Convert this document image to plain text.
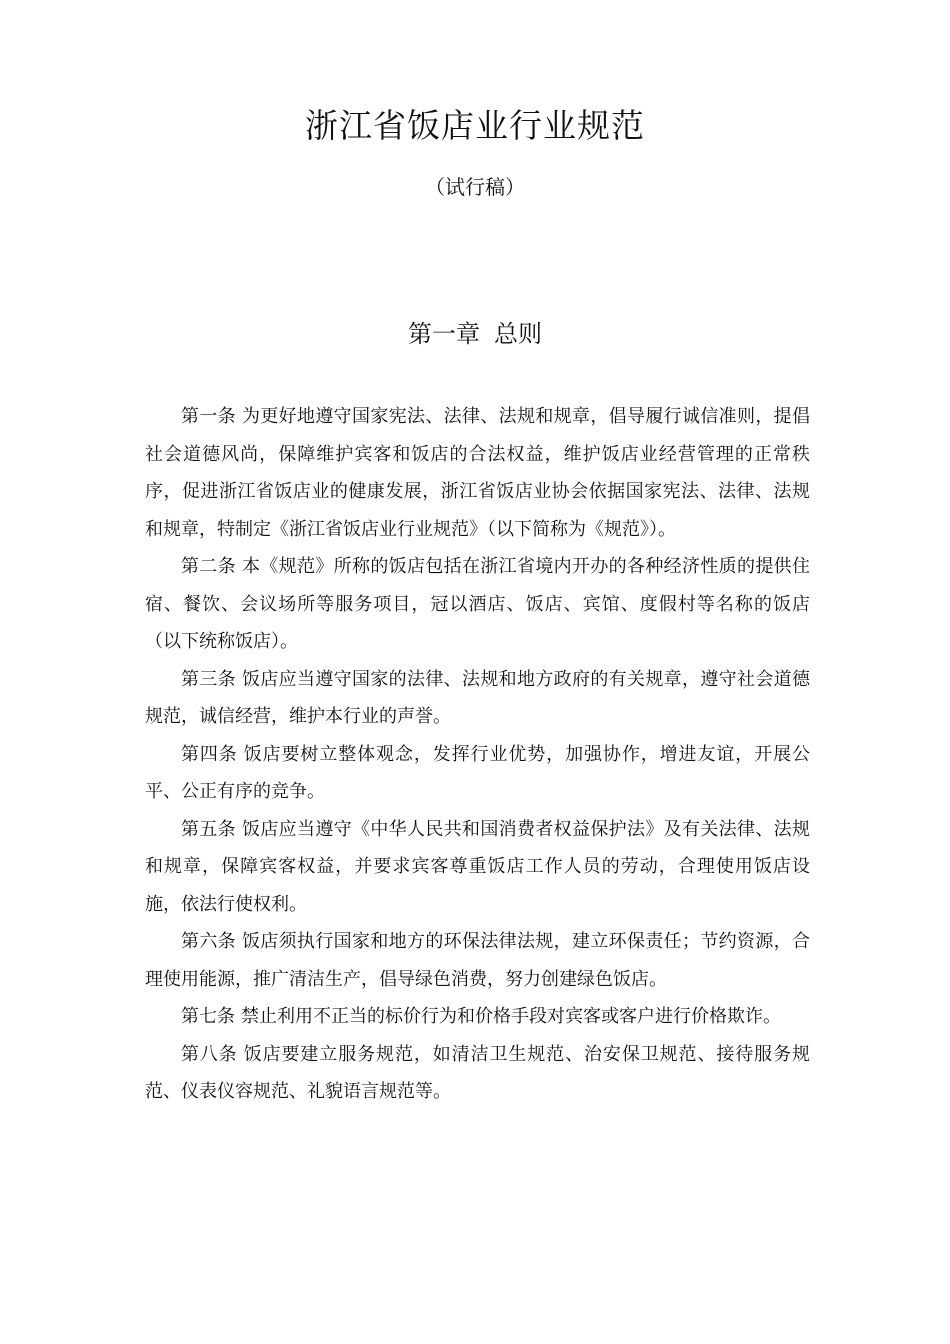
浙江省饭店业行业规范
（试行稿）
第一章 总则

第一条 为更好地遵守国家宪法、法律、法规和规章，倡导履行诚信准则，提倡社会道德风尚，保障维护宾客和饭店的合法权益，维护饭店业经营管理的正常秩序，促进浙江省饭店业的健康发展，浙江省饭店业协会依据国家宪法、法律、法规和规章，特制定《浙江省饭店业行业规范》（以下简称为《规范》）。

第二条 本《规范》所称的饭店包括在浙江省境内开办的各种经济性质的提供住宿、餐饮、会议场所等服务项目，冠以酒店、饭店、宾馆、度假村等名称的饭店（以下统称饭店）。

第三条 饭店应当遵守国家的法律、法规和地方政府的有关规章，遵守社会道德规范，诚信经营，维护本行业的声誉。

第四条 饭店要树立整体观念，发挥行业优势，加强协作，增进友谊，开展公平、公正有序的竞争。

第五条 饭店应当遵守《中华人民共和国消费者权益保护法》及有关法律、法规和规章，保障宾客权益，并要求宾客尊重饭店工作人员的劳动，合理使用饭店设施，依法行使权利。

第六条 饭店须执行国家和地方的环保法律法规，建立环保责任；节约资源，合理使用能源，推广清洁生产，倡导绿色消费，努力创建绿色饭店。

第七条 禁止利用不正当的标价行为和价格手段对宾客或客户进行价格欺诈。

第八条 饭店要建立服务规范，如清洁卫生规范、治安保卫规范、接待服务规范、仪表仪容规范、礼貌语言规范等。
